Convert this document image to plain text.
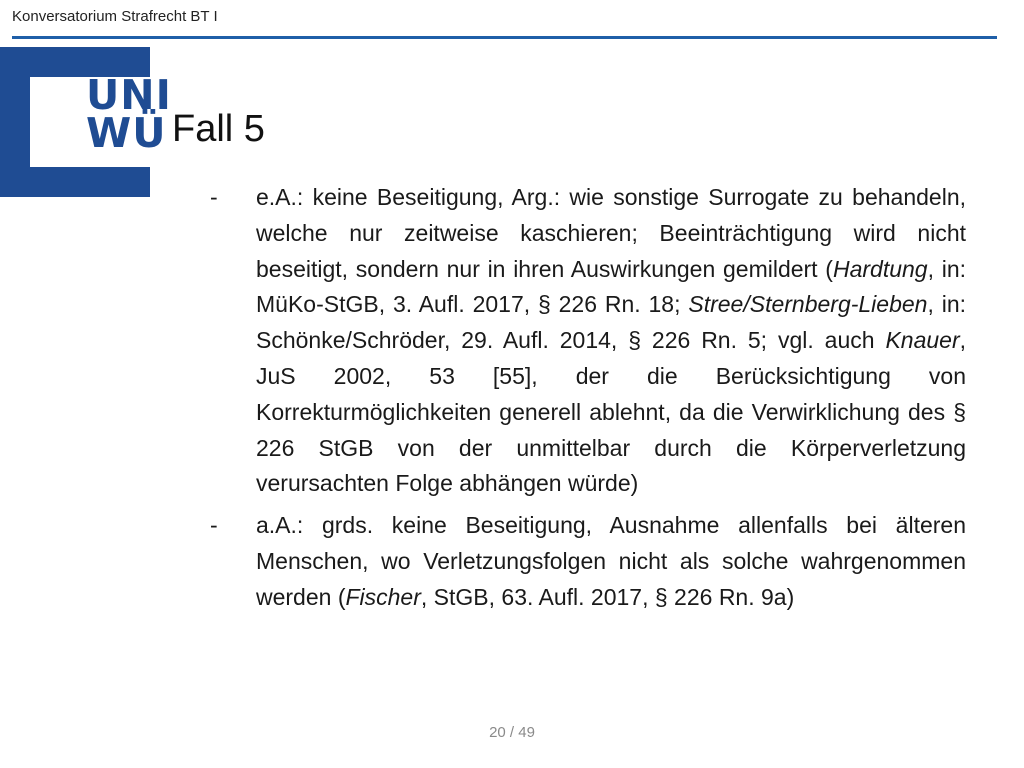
Konversatorium Strafrecht BT I
UNI
WÜ Fall 5
- e.A.: keine Beseitigung, Arg.: wie sonstige Surrogate zu behandeln, welche nur zeitweise kaschieren; Beeinträchtigung wird nicht beseitigt, sondern nur in ihren Auswirkungen gemildert (Hardtung, in: MüKo-StGB, 3. Aufl. 2017, § 226 Rn. 18; Stree/Sternberg-Lieben, in: Schönke/Schröder, 29. Aufl. 2014, § 226 Rn. 5; vgl. auch Knauer, JuS 2002, 53 [55], der die Berücksichtigung von Korrekturmöglichkeiten generell ablehnt, da die Verwirklichung des § 226 StGB von der unmittelbar durch die Körperverletzung verursachten Folge abhängen würde)
- a.A.: grds. keine Beseitigung, Ausnahme allenfalls bei älteren Menschen, wo Verletzungsfolgen nicht als solche wahrgenommen werden (Fischer, StGB, 63. Aufl. 2017, § 226 Rn. 9a)
20 / 49
